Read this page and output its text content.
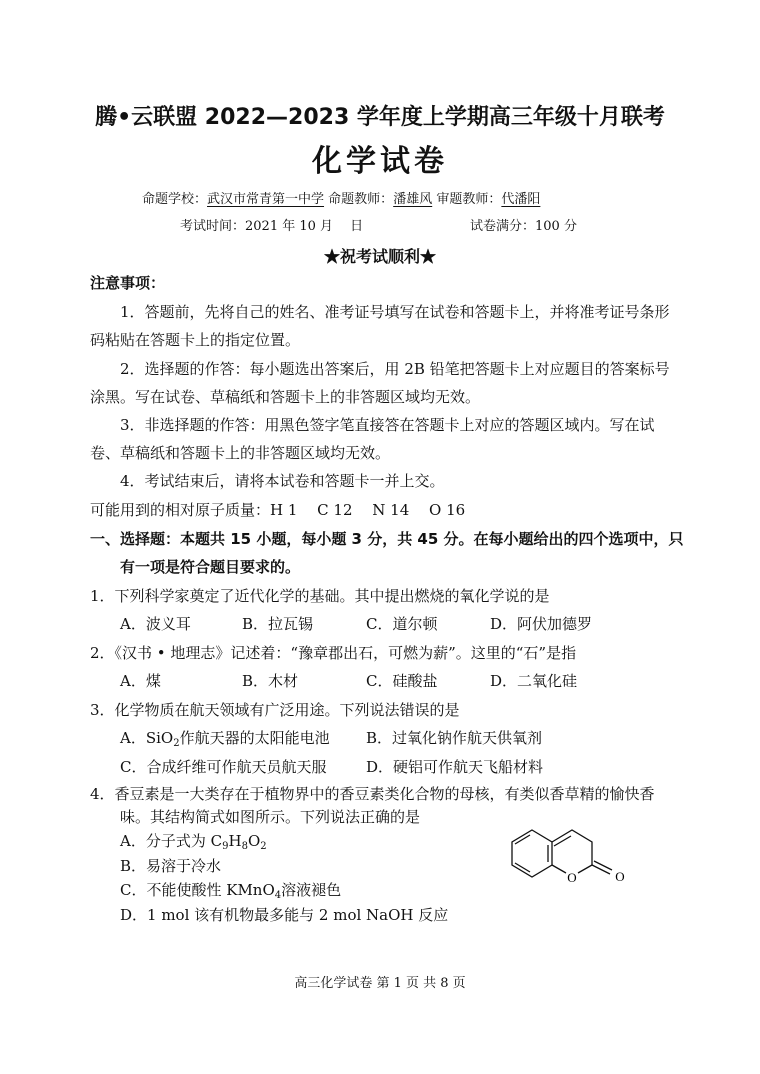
腾•云联盟 2022—2023 学年度上学期高三年级十月联考
化学试卷
命题学校：武汉市常青第一中学 命题教师：潘雄风 审题教师：代潘阳
考试时间：2021 年 10 月　 日	试卷满分：100 分
★祝考试顺利★
注意事项：
1．答题前，先将自己的姓名、准考证号填写在试卷和答题卡上，并将准考证号条形
码粘贴在答题卡上的指定位置。
2．选择题的作答：每小题选出答案后，用 2B 铅笔把答题卡上对应题目的答案标号
涂黑。写在试卷、草稿纸和答题卡上的非答题区域均无效。
3．非选择题的作答：用黑色签字笔直接答在答题卡上对应的答题区域内。写在试
卷、草稿纸和答题卡上的非答题区域均无效。
4．考试结束后，请将本试卷和答题卡一并上交。
可能用到的相对原子质量：H 1　 C 12　 N 14　 O 16
一、选择题：本题共 15 小题，每小题 3 分，共 45 分。在每小题给出的四个选项中，只
有一项是符合题目要求的。
1．下列科学家奠定了近代化学的基础。其中提出燃烧的氧化学说的是
A．波义耳	B．拉瓦锡	C．道尔顿	D．阿伏加德罗
2．《汉书 • 地理志》记述着：“豫章郡出石，可燃为薪”。这里的“石”是指
A．煤	B．木材	C．硅酸盐	D．二氧化硅
3．化学物质在航天领域有广泛用途。下列说法错误的是
A．SiO$_2$作航天器的太阳能电池 B．过氧化钠作航天供氧剂
C．合成纤维可作航天员航天服	D．硬铝可作航天飞船材料
4．香豆素是一大类存在于植物界中的香豆素类化合物的母核，有类似香草精的愉快香
味。其结构简式如图所示。下列说法正确的是
A．分子式为 $C_9H_8O_2$
B．易溶于冷水
C．不能使酸性 KMnO$_4$溶液褪色
D．1 mol 该有机物最多能与 2 mol NaOH 反应
O	O
高三化学试卷 第 1 页 共 8 页
